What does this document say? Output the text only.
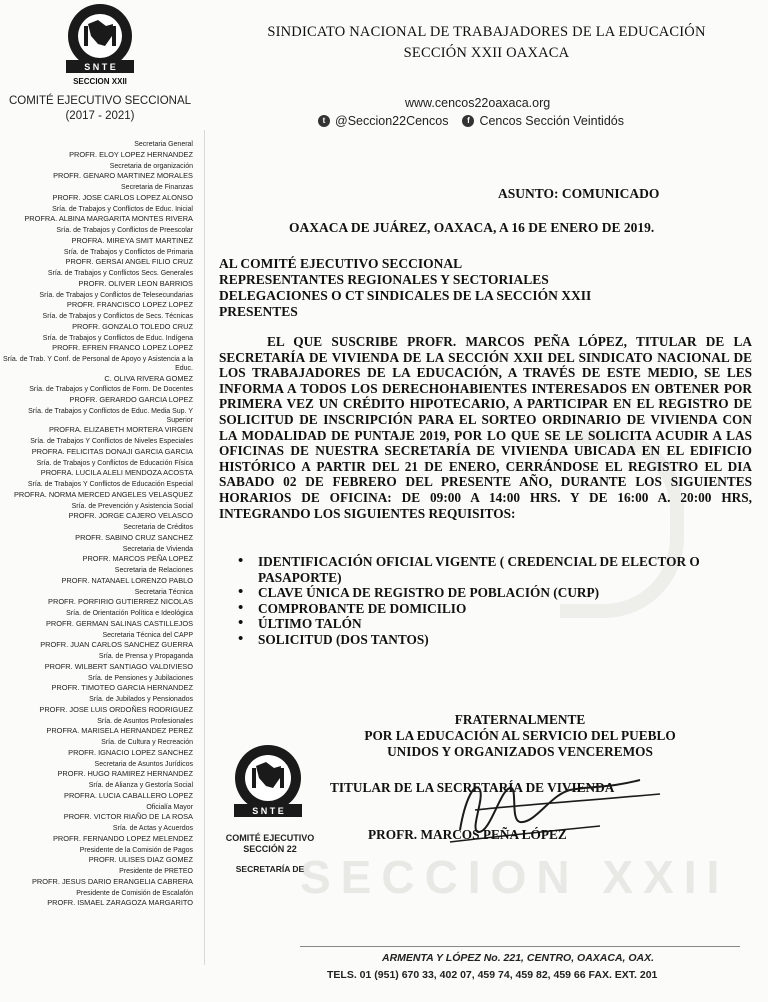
S N T E
SECCION XXII
COMITÉ EJECUTIVO SECCIONAL
(2017 - 2021)
Secretaria General
PROFR. ELOY LOPEZ HERNANDEZ
Secretaria de organización
PROFR. GENARO MARTINEZ MORALES
Secretaria de Finanzas
PROFR. JOSE CARLOS LOPEZ ALONSO
Sría. de Trabajos y Conflictos de Educ. Inicial
PROFRA. ALBINA MARGARITA MONTES RIVERA
Sría. de Trabajos y Conflictos de Preescolar
PROFRA. MIREYA SMIT MARTINEZ
Sría. de Trabajos y Conflictos de Primaria
PROFR. GERSAI ANGEL FILIO CRUZ
Sría. de Trabajos y Conflictos Secs. Generales
PROFR. OLIVER LEON BARRIOS
Sría. de Trabajos y Conflictos de Telesecundarias
PROFR. FRANCISCO LOPEZ LOPEZ
Sría. de Trabajos y Conflictos de Secs. Técnicas
PROFR. GONZALO TOLEDO CRUZ
Sría. de Trabajos y Conflictos de Educ. Indígena
PROFR. EFREN FRANCO LOPEZ LOPEZ
Sría. de Trab. Y Conf. de Personal de Apoyo y Asistencia a la Educ.
C. OLIVA RIVERA GOMEZ
Sría. de Trabajos y Conflictos de Form. De Docentes
PROFR. GERARDO GARCIA LOPEZ
Sría. de Trabajos y Conflictos de Educ. Media Sup. Y Superior
PROFRA. ELIZABETH MORTERA VIRGEN
Sría. de Trabajos Y Conflictos de Niveles Especiales
PROFRA. FELICITAS DONAJI GARCIA GARCIA
Sría. de Trabajos y Conflictos de Educación Física
PROFRA. LUCILA ALELI MENDOZA ACOSTA
Sría. de Trabajos Y Conflictos de Educación Especial
PROFRA. NORMA MERCED ANGELES VELASQUEZ
Sría. de Prevención y Asistencia Social
PROFR. JORGE CAJERO VELASCO
Secretaria de Créditos
PROFR. SABINO CRUZ SANCHEZ
Secretaria de Vivienda
PROFR. MARCOS PEÑA LOPEZ
Secretaria de Relaciones
PROFR. NATANAEL LORENZO PABLO
Secretaria Técnica
PROFR. PORFIRIO GUTIERREZ NICOLAS
Sría. de Orientación Política e Ideológica
PROFR. GERMAN SALINAS CASTILLEJOS
Secretaria Técnica del CAPP
PROFR. JUAN CARLOS SANCHEZ GUERRA
Sría. de Prensa y Propaganda
PROFR. WILBERT SANTIAGO VALDIVIESO
Sría. de Pensiones y Jubilaciones
PROFR. TIMOTEO GARCIA HERNANDEZ
Sría. de Jubilados y Pensionados
PROFR. JOSE LUIS ORDOÑES RODRIGUEZ
Sría. de Asuntos Profesionales
PROFRA. MARISELA HERNANDEZ PEREZ
Sría. de Cultura y Recreación
PROFR. IGNACIO LOPEZ SANCHEZ
Secretaria de Asuntos Jurídicos
PROFR. HUGO RAMIREZ HERNANDEZ
Sría. de Alianza y Gestoría Social
PROFRA. LUCIA CABALLERO LOPEZ
Oficialía Mayor
PROFR. VICTOR RIAÑO DE LA ROSA
Sría. de Actas y Acuerdos
PROFR. FERNANDO LOPEZ MELENDEZ
Presidente de la Comisión de Pagos
PROFR. ULISES DIAZ GOMEZ
Presidente de PRETEO
PROFR. JESUS DARIO ERANGELIA CABRERA
Presidente de Comisión de Escalafón
PROFR. ISMAEL ZARAGOZA MARGARITO
SINDICATO NACIONAL DE TRABAJADORES DE LA EDUCACIÓN
SECCIÓN XXII OAXACA
www.cencos22oaxaca.org
t @Seccion22Cencos	f Cencos Sección Veintidós
SECCION XXII
ASUNTO: COMUNICADO
OAXACA DE JUÁREZ, OAXACA, A 16 DE ENERO DE 2019.
AL COMITÉ EJECUTIVO SECCIONAL
REPRESENTANTES REGIONALES Y SECTORIALES
DELEGACIONES O CT SINDICALES DE LA SECCIÓN XXII
PRESENTES
EL QUE SUSCRIBE PROFR. MARCOS PEÑA LÓPEZ, TITULAR DE LA SECRETARÍA DE VIVIENDA DE LA SECCIÓN XXII DEL SINDICATO NACIONAL DE LOS TRABAJADORES DE LA EDUCACIÓN, A TRAVÉS DE ESTE MEDIO, SE LES INFORMA A TODOS LOS DERECHOHABIENTES INTERESADOS EN OBTENER POR PRIMERA VEZ UN CRÉDITO HIPOTECARIO, A PARTICIPAR EN EL REGISTRO DE SOLICITUD DE INSCRIPCIÓN PARA EL SORTEO ORDINARIO DE VIVIENDA CON LA MODALIDAD DE PUNTAJE 2019, POR LO QUE SE LE SOLICITA ACUDIR A LAS OFICINAS DE NUESTRA SECRETARÍA DE VIVIENDA UBICADA EN EL EDIFICIO HISTÓRICO A PARTIR DEL 21 DE ENERO, CERRÁNDOSE EL REGISTRO EL DIA SABADO 02 DE FEBRERO DEL PRESENTE AÑO, DURANTE LOS SIGUIENTES HORARIOS DE OFICINA: DE 09:00 A 14:00 HRS. Y DE 16:00 A. 20:00 HRS, INTEGRANDO LOS SIGUIENTES REQUISITOS:
• IDENTIFICACIÓN OFICIAL VIGENTE ( CREDENCIAL DE ELECTOR O PASAPORTE)
• CLAVE ÚNICA DE REGISTRO DE POBLACIÓN (CURP)
• COMPROBANTE DE DOMICILIO
• ÚLTIMO TALÓN
• SOLICITUD (DOS TANTOS)
FRATERNALMENTE
POR LA EDUCACIÓN AL SERVICIO DEL PUEBLO
UNIDOS Y ORGANIZADOS VENCEREMOS
TITULAR DE LA SECRETARÍA DE VIVIENDA
PROFR. MARCOS PEÑA LÓPEZ
S N T E
COMITÉ EJECUTIVO
SECCIÓN 22
SECRETARÍA DE
ARMENTA Y LÓPEZ No. 221, CENTRO, OAXACA, OAX.
TELS. 01 (951) 670 33, 402 07, 459 74, 459 82, 459 66 FAX. EXT. 201
